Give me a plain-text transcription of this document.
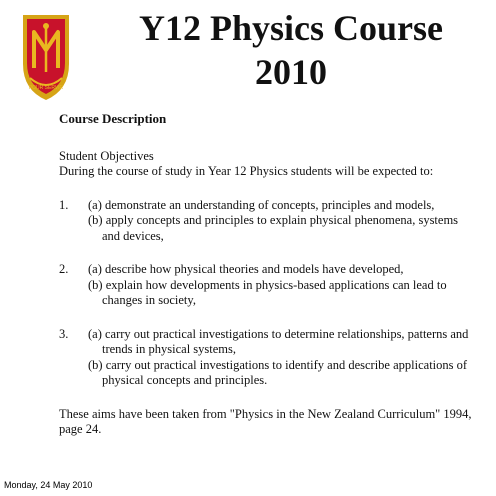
POUR SERVIR
Y12 Physics Course
2010

Course Description

Student Objectives

During the course of study in Year 12 Physics students will be expected to:

1.	(a) demonstrate an understanding of concepts, principles and models,
(b) apply concepts and principles to explain physical phenomena, systems and devices,
2.	(a) describe how physical theories and models have developed,
(b) explain how developments in physics-based applications can lead to changes in society,
3.	(a) carry out practical investigations to determine relationships, patterns and trends in physical systems,
(b) carry out practical investigations to identify and describe applications of physical concepts and principles.

These aims have been taken from "Physics in the New Zealand Curriculum" 1994, page 24.

Monday, 24 May 2010
